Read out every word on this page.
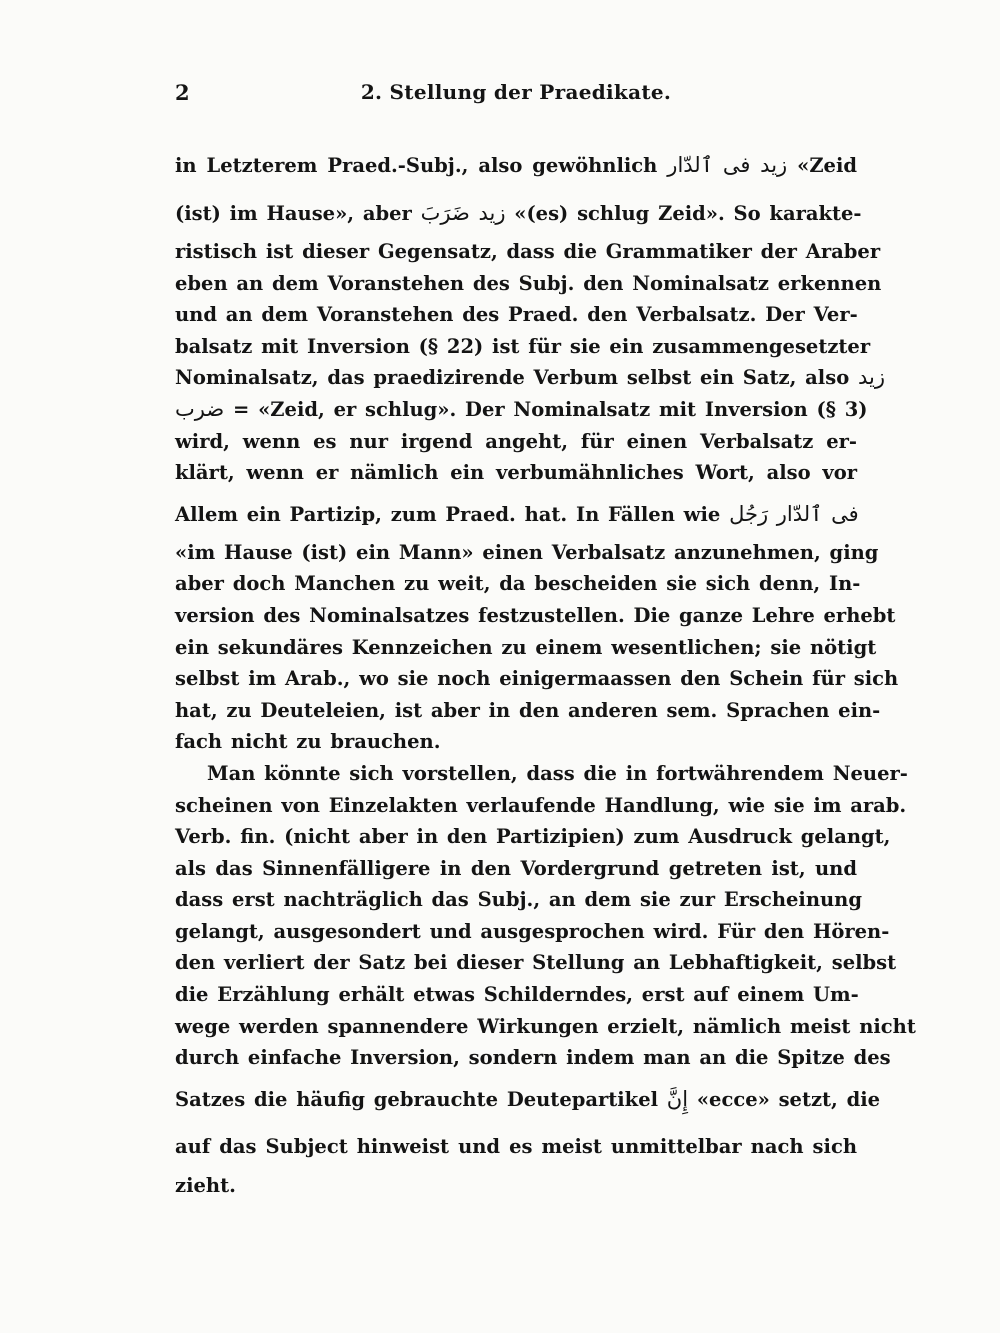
2	2. Stellung der Praedikate.
in Letzterem Praed.-Subj., also gewöhnlich زيد فى ٱلدّار «Zeid
(ist) im Hause», aber زيد ضَرَبَ «(es) schlug Zeid». So karakte-
ristisch ist dieser Gegensatz, dass die Grammatiker der Araber
eben an dem Voranstehen des Subj. den Nominalsatz erkennen
und an dem Voranstehen des Praed. den Verbalsatz. Der Ver-
balsatz mit Inversion (§ 22) ist für sie ein zusammengesetzter
Nominalsatz, das praedizirende Verbum selbst ein Satz, also زيد
ضرب = «Zeid, er schlug». Der Nominalsatz mit Inversion (§ 3)
wird, wenn es nur irgend angeht, für einen Verbalsatz er-
klärt, wenn er nämlich ein verbumähnliches Wort, also vor
Allem ein Partizip, zum Praed. hat. In Fällen wie فى ٱلدّار رَجُل
«im Hause (ist) ein Mann» einen Verbalsatz anzunehmen, ging
aber doch Manchen zu weit, da bescheiden sie sich denn, In-
version des Nominalsatzes festzustellen. Die ganze Lehre erhebt
ein sekundäres Kennzeichen zu einem wesentlichen; sie nötigt
selbst im Arab., wo sie noch einigermaassen den Schein für sich
hat, zu Deuteleien, ist aber in den anderen sem. Sprachen ein-
fach nicht zu brauchen.
Man könnte sich vorstellen, dass die in fortwährendem Neuer-
scheinen von Einzelakten verlaufende Handlung, wie sie im arab.
Verb. fin. (nicht aber in den Partizipien) zum Ausdruck gelangt,
als das Sinnenfälligere in den Vordergrund getreten ist, und
dass erst nachträglich das Subj., an dem sie zur Erscheinung
gelangt, ausgesondert und ausgesprochen wird. Für den Hören-
den verliert der Satz bei dieser Stellung an Lebhaftigkeit, selbst
die Erzählung erhält etwas Schilderndes, erst auf einem Um-
wege werden spannendere Wirkungen erzielt, nämlich meist nicht
durch einfache Inversion, sondern indem man an die Spitze des
Satzes die häufig gebrauchte Deutepartikel إِنَّ «ecce» setzt, die
auf das Subject hinweist und es meist unmittelbar nach sich
zieht.
